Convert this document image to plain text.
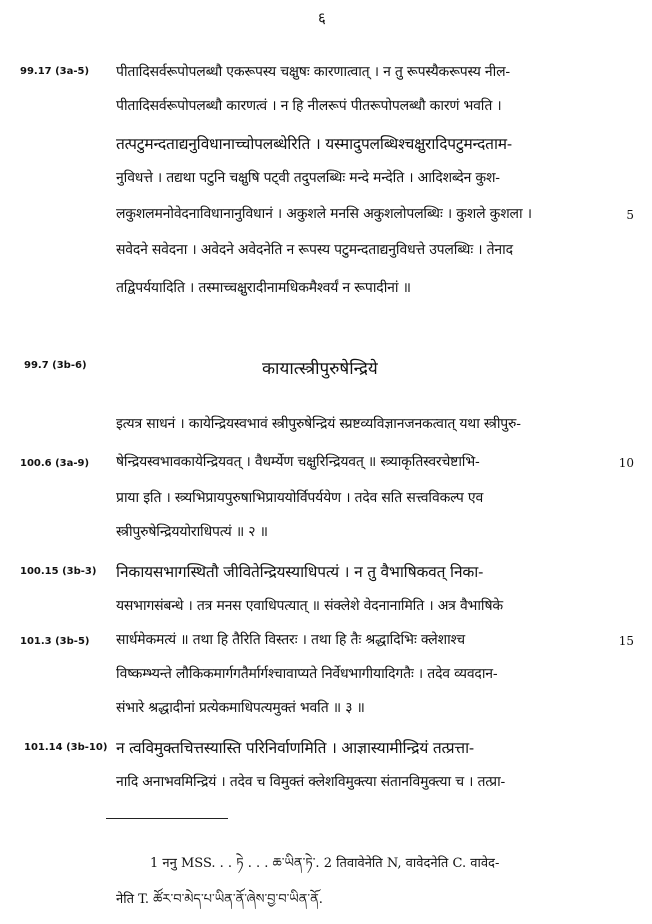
६
99.17 (3a-5) पीतादिसर्वरूपोपलब्धौ एकरूपस्य चक्षुषः कारणात्वात् । न तु रूपस्यैकरूपस्य नील-
पीतादिसर्वरूपोपलब्धौ कारणत्वं । न हि नीलरूपं पीतरूपोपलब्धौ कारणं भवति ।
तत्पटुमन्दताद्यनुविधानाच्चोपलब्धेरिति । यस्मादुपलब्धिश्चक्षुरादिपटुमन्दताम-
नुविधत्ते । तद्यथा पटुनि चक्षुषि पट्वी तदुपलब्धिः मन्दे मन्देति । आदिशब्देन कुश-
लकुशलमनोवेदनाविधानानुविधानं । अकुशले मनसि अकुशलोपलब्धिः । कुशले कुशला ।	5
सवेदने सवेदना । अवेदने अवेदनेति न रूपस्य पटुमन्दताद्यनुविधत्ते उपलब्धिः । तेनाद
तद्विपर्ययादिति । तस्माच्चक्षुरादीनामधिकमैश्वर्यं न रूपादीनां ॥
99.7 (3b-6)	कायात्स्त्रीपुरुषेन्द्रिये
इत्यत्र साधनं । कायेन्द्रियस्वभावं स्त्रीपुरुषेन्द्रियं स्प्रष्टव्यविज्ञानजनकत्वात् यथा स्त्रीपुरु-
100.6 (3a-9) षेन्द्रियस्वभावकायेन्द्रियवत् । वैधर्म्येण चक्षुरिन्द्रियवत् ॥ स्त्र्याकृतिस्वरचेष्टाभि-	10
प्राया इति । स्त्र्यभिप्रायपुरुषाभिप्राययोर्विपर्ययेण । तदेव सति सत्त्वविकल्प एव
स्त्रीपुरुषेन्द्रिययोराधिपत्यं ॥ २ ॥
100.15 (3b-3) निकायसभागस्थितौ जीवितेन्द्रियस्याधिपत्यं । न तु वैभाषिकवत् निका-
यसभागसंबन्धे । तत्र मनस एवाधिपत्यात् ॥ संक्लेशे वेदनानामिति । अत्र वैभाषिके
101.3 (3b-5) सार्धमेकमत्यं ॥ तथा हि तैरिति विस्तरः । तथा हि तैः श्रद्धादिभिः क्लेशाश्च	15
विष्कम्भ्यन्ते लौकिकमार्गगतैर्मार्गश्चावाप्यते निर्वेधभागीयादिगतैः । तदेव व्यवदान-
संभारे श्रद्धादीनां प्रत्येकमाधिपत्यमुक्तं भवति ॥ ३ ॥
101.14 (3b-10) न त्वविमुक्तचित्तस्यास्ति परिनिर्वाणमिति । आज्ञास्यामीन्द्रियं तत्प्रत्ता-
नादि अनाभवमिन्द्रियं । तदेव च विमुक्तं क्लेशविमुक्त्या संतानविमुक्त्या च । तत्प्रा-
1 ननु MSS. . . ཏེ . . . ཆ་ཡིན་ཏེ་. 2 तिवावेनेति N, वावेदनेति C. वावेद-
नेति T. ཚོར་བ་མེད་པ་ཡིན་ནོ་ཞེས་བྱ་བ་ཡིན་ནོ.
